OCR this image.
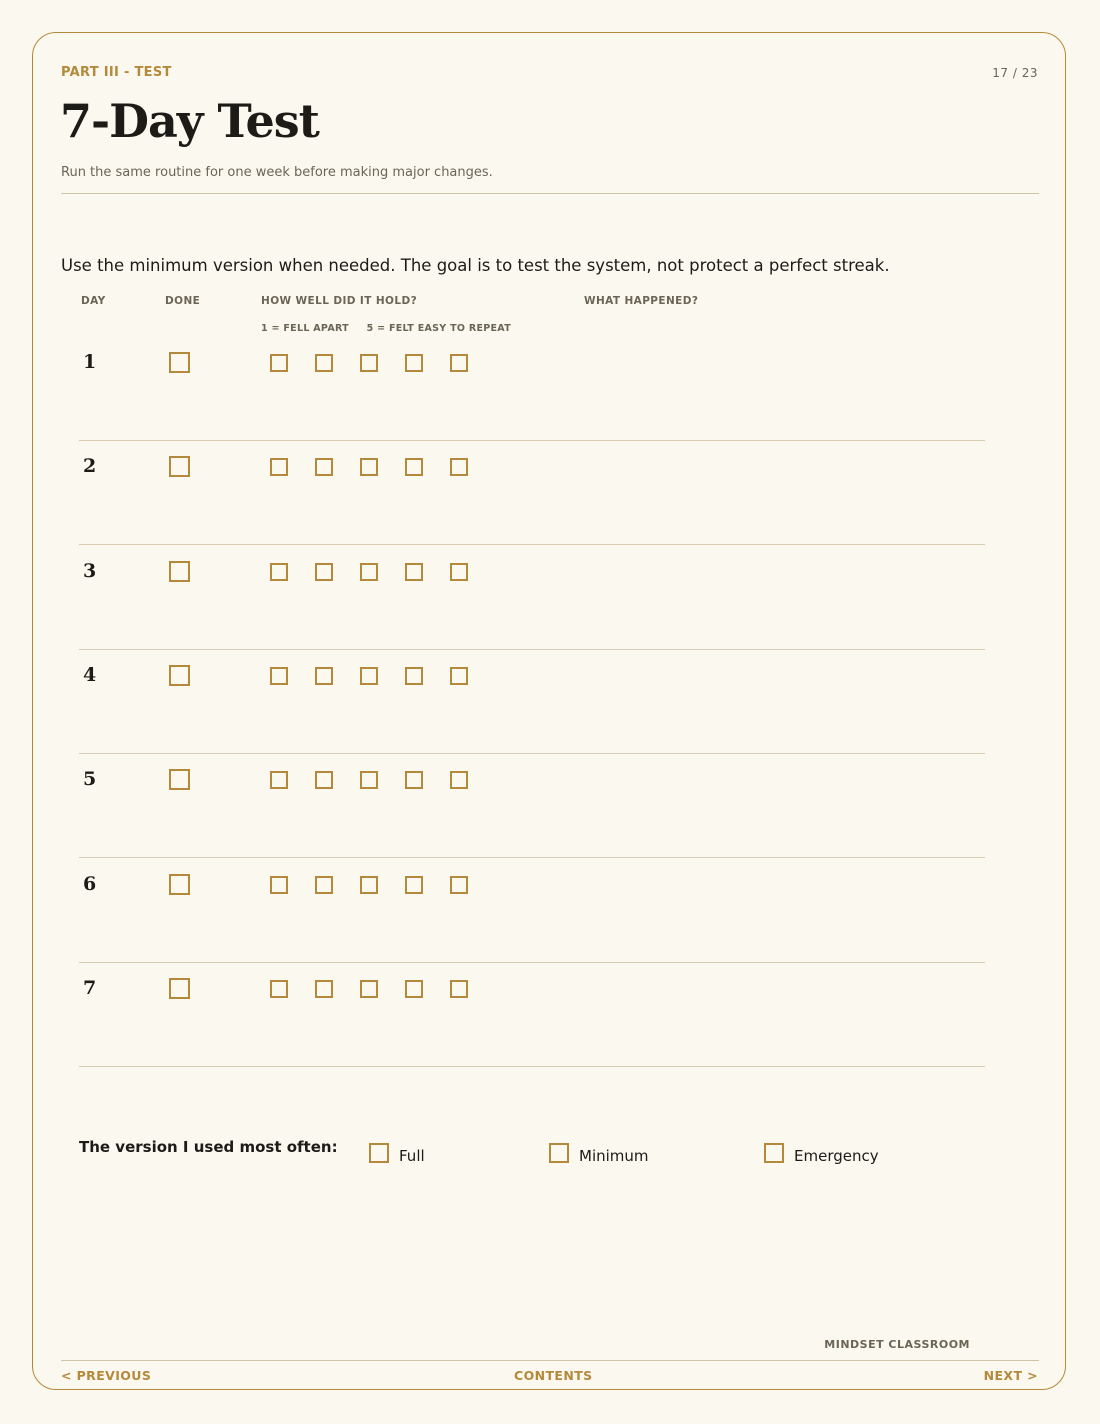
PART III - TEST	17 / 23
7-Day Test
Run the same routine for one week before making major changes.
Use the minimum version when needed. The goal is to test the system, not protect a perfect streak.
DAY	DONE	HOW WELL DID IT HOLD?	WHAT HAPPENED?
1 = FELL APART 5 = FELT EASY TO REPEAT
1
2
3
4
5
6
7
The version I used most often:	Full	Minimum	Emergency
MINDSET CLASSROOM
< PREVIOUS	CONTENTS	NEXT >
